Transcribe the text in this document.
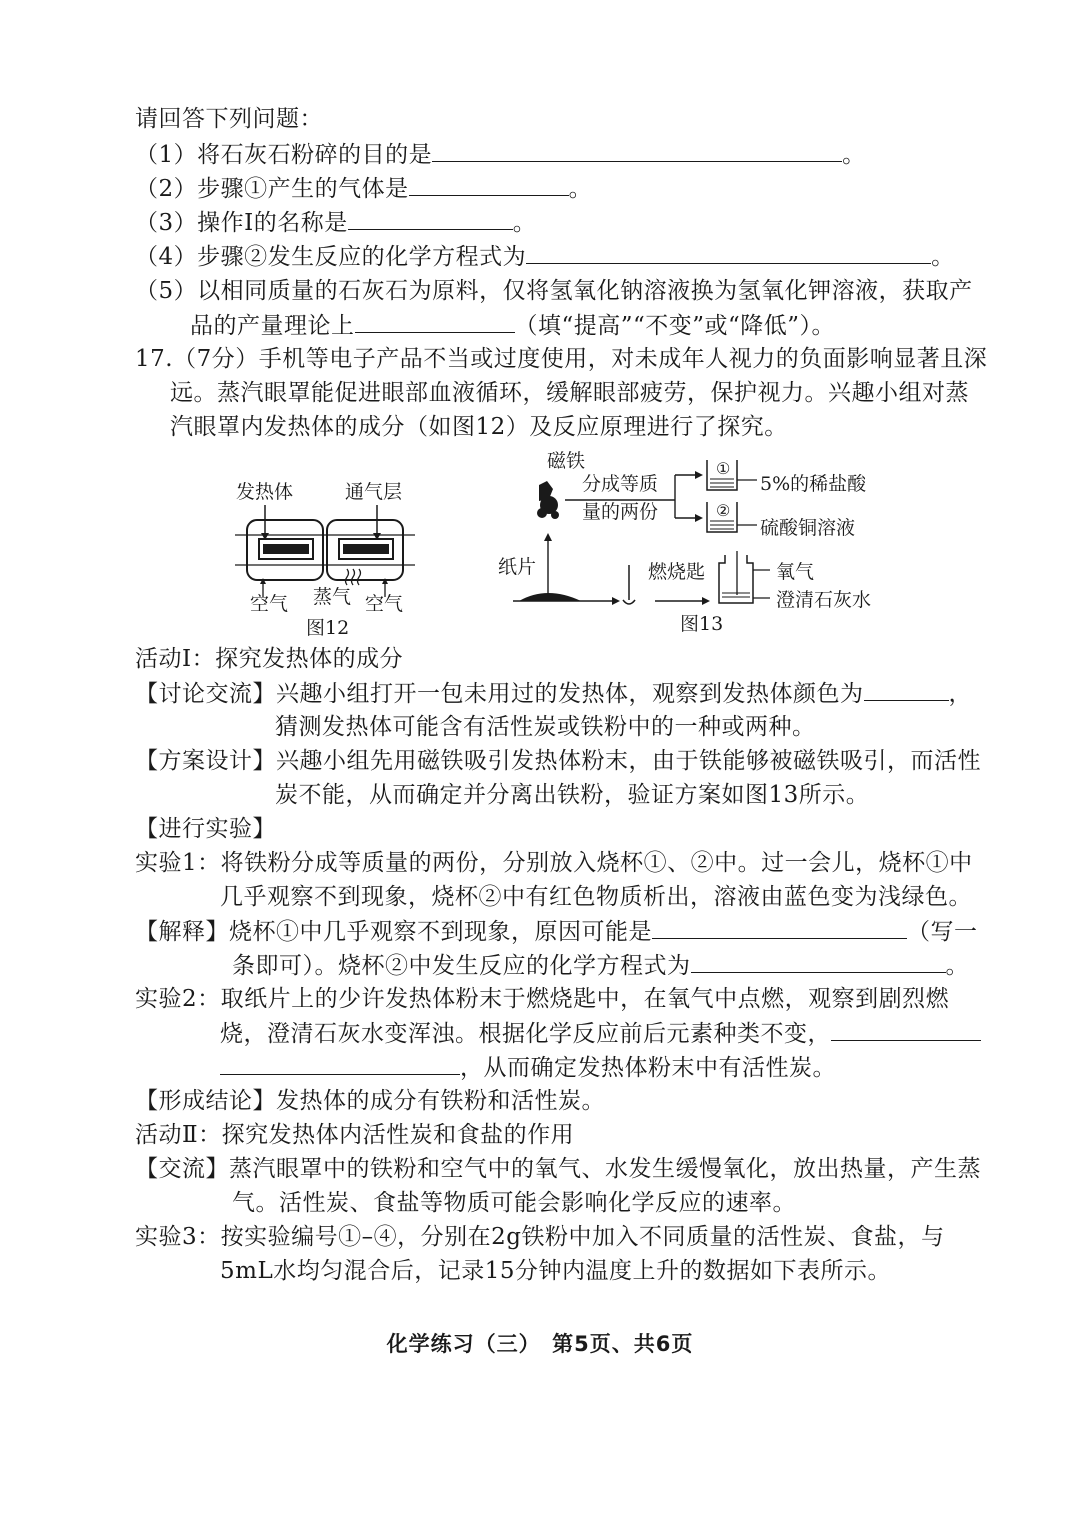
请回答下列问题：
（1）将石灰石粉碎的目的是	。
（2）步骤①产生的气体是	。
（3）操作Ⅰ的名称是	。
（4）步骤②发生反应的化学方程式为	。
（5）以相同质量的石灰石为原料，仅将氢氧化钠溶液换为氢氧化钾溶液，获取产
品的产量理论上	（填“提高”“不变”或“降低”）。
17.（7分）手机等电子产品不当或过度使用，对未成年人视力的负面影响显著且深
远。蒸汽眼罩能促进眼部血液循环，缓解眼部疲劳，保护视力。兴趣小组对蒸
汽眼罩内发热体的成分（如图12）及反应原理进行了探究。
发热体	通气层
空气 蒸气 空气
图12
磁铁
分成等质
量的两份
①
②
5%的稀盐酸
硫酸铜溶液
纸片	燃烧匙	氧气
澄清石灰水
图13
活动Ⅰ：探究发热体的成分
【讨论交流】兴趣小组打开一包未用过的发热体，观察到发热体颜色为	，
猜测发热体可能含有活性炭或铁粉中的一种或两种。
【方案设计】兴趣小组先用磁铁吸引发热体粉末，由于铁能够被磁铁吸引，而活性
炭不能，从而确定并分离出铁粉，验证方案如图13所示。
【进行实验】
实验1：将铁粉分成等质量的两份，分别放入烧杯①、②中。过一会儿，烧杯①中
几乎观察不到现象，烧杯②中有红色物质析出，溶液由蓝色变为浅绿色。
【解释】烧杯①中几乎观察不到现象，原因可能是	（写一
条即可）。烧杯②中发生反应的化学方程式为	。
实验2：取纸片上的少许发热体粉末于燃烧匙中，在氧气中点燃，观察到剧烈燃
烧，澄清石灰水变浑浊。根据化学反应前后元素种类不变，
，从而确定发热体粉末中有活性炭。
【形成结论】发热体的成分有铁粉和活性炭。
活动Ⅱ：探究发热体内活性炭和食盐的作用
【交流】蒸汽眼罩中的铁粉和空气中的氧气、水发生缓慢氧化，放出热量，产生蒸
气。活性炭、食盐等物质可能会影响化学反应的速率。
实验3：按实验编号①–④，分别在2g铁粉中加入不同质量的活性炭、食盐，与
5mL水均匀混合后，记录15分钟内温度上升的数据如下表所示。
化学练习（三）　第5页、共6页
